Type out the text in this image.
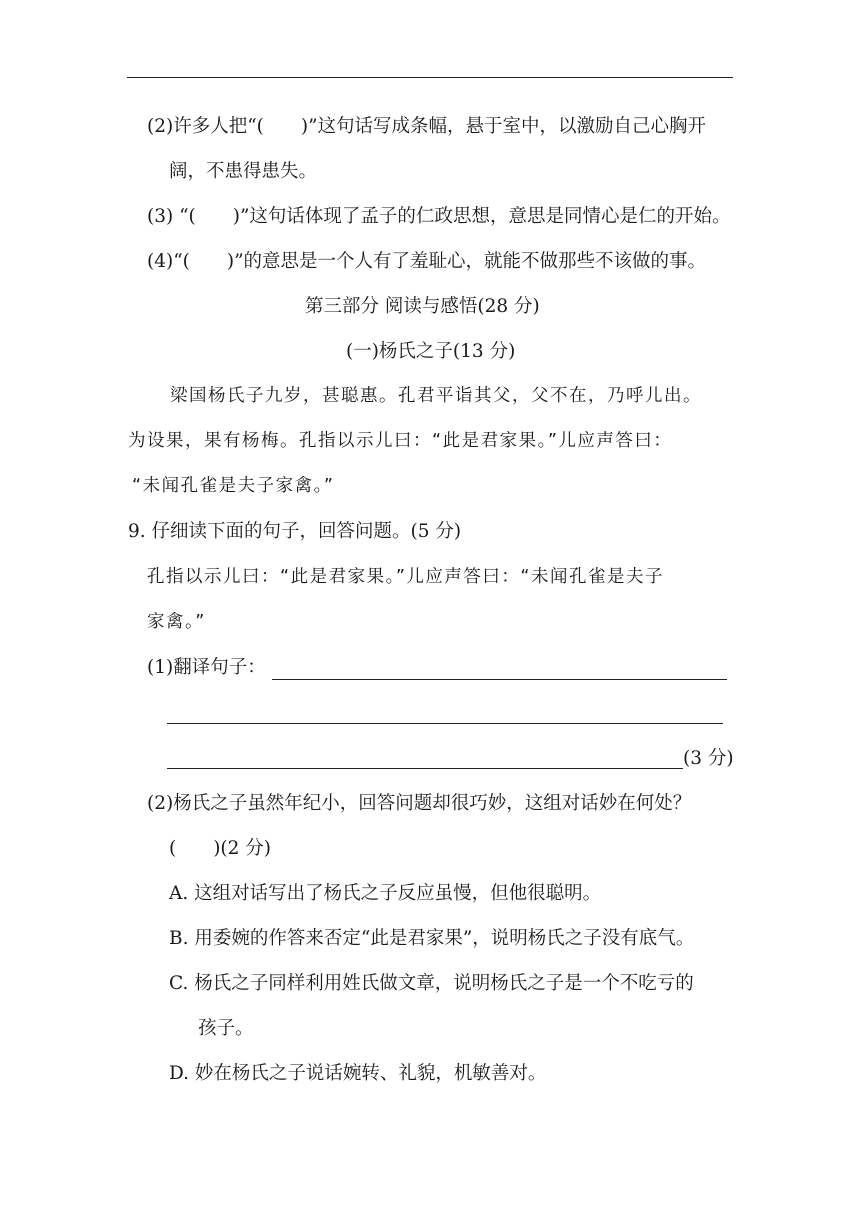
(2)许多人把“(　　)”这句话写成条幅，悬于室中，以激励自己心胸开
阔，不患得患失。
(3) “(　　)”这句话体现了孟子的仁政思想，意思是同情心是仁的开始。
(4)“(　　)”的意思是一个人有了羞耻心，就能不做那些不该做的事。
第三部分 阅读与感悟(28 分)
(一)杨氏之子(13 分)
梁国杨氏子九岁，甚聪惠。孔君平诣其父，父不在，乃呼儿出。
为设果，果有杨梅。孔指以示儿曰：“此是君家果。”儿应声答曰：
“未闻孔雀是夫子家禽。”
9. 仔细读下面的句子，回答问题。(5 分)
孔指以示儿曰：“此是君家果。”儿应声答曰：“未闻孔雀是夫子
家禽。”
(1)翻译句子：
(3 分)
(2)杨氏之子虽然年纪小，回答问题却很巧妙，这组对话妙在何处？
(　　)(2 分)
A. 这组对话写出了杨氏之子反应虽慢，但他很聪明。
B. 用委婉的作答来否定“此是君家果”，说明杨氏之子没有底气。
C. 杨氏之子同样利用姓氏做文章，说明杨氏之子是一个不吃亏的
孩子。
D. 妙在杨氏之子说话婉转、礼貌，机敏善对。
